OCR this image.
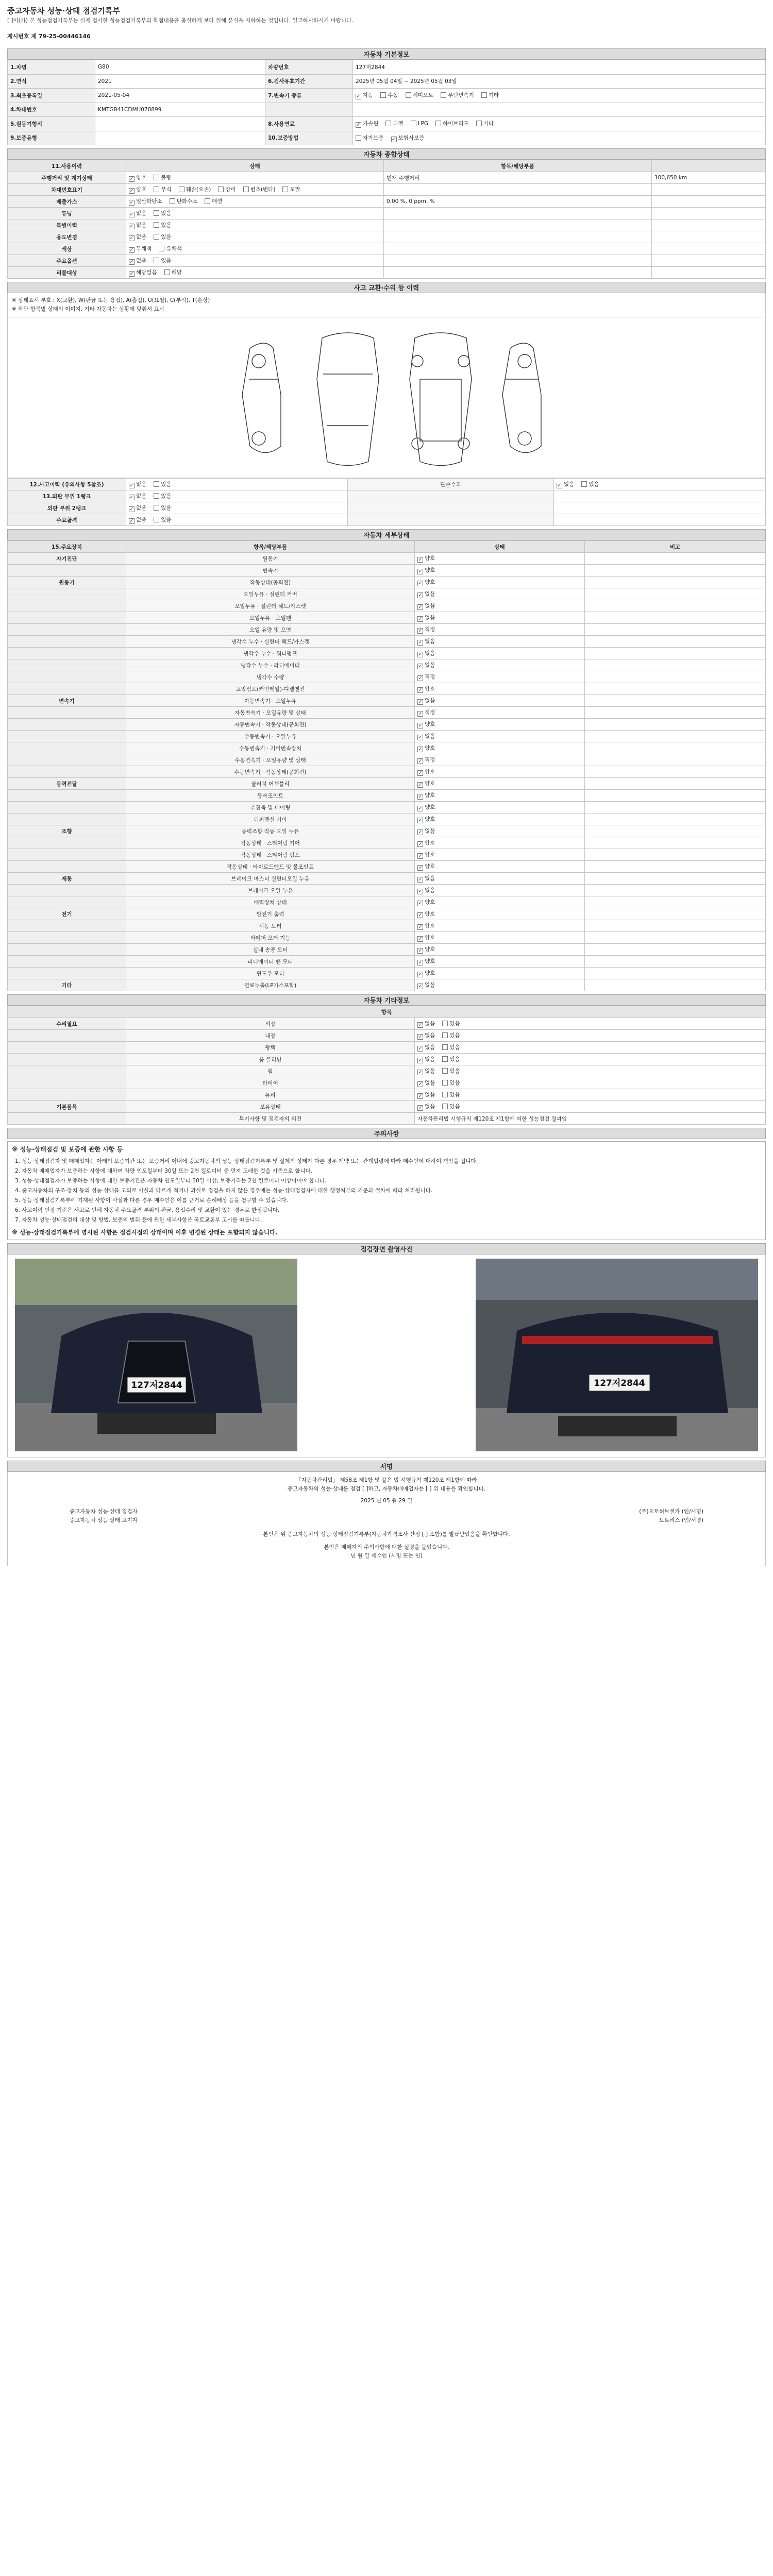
중고자동차 성능·상태 점검기록부
[ ]이(가) 본 성능점검기록부는 실제 검사한 성능점검기록부의 확점내용을 충실하게 보다 위해 분실을 지하하는 것입니다. 일고하시하시기 바랍니다.
제시번호 제 79-25-00446146
자동차 기본정보
1.차명	G80	차량번호	127저2844
2.연식	2021	6.검사유효기간	2025년 05월 04일 ~ 2025년 05월 03일
3.최초등록일	2021-05-04	7.변속기 종류	✓ 자동 수동 세미오토 무단변속기 기타
4.차대번호	KMTGB41CDMU078899		
5.원동기형식		8.사용연료	✓ 가솔린 디젤 LPG 하이브리드 기타
9.보증유형		10.보증방법	자가보증 ✓ 보험사보증
자동차 종합상태
11.사용이력	상태	항목/해당부품	
주행거리 및 계기상태	✓ 양호 불량	현재 주행거리	100,650 km
차대번호표기	✓ 양호 부식 훼손(오손) 상이 변조(변타) 도말		
배출가스	✓ 일산화탄소 탄화수소 매연	0.00 %, 0 ppm, %	
튜닝	✓ 없음 있음		
특별이력	✓ 없음 있음		
용도변경	✓ 없음 있음		
색상	✓ 무채색 유채색		
주요옵션	✓ 없음 있음		
리콜대상	✓ 해당없음 해당		
사고 교환·수리 등 이력
※ 상태표시 부호 : X(교환), W(판금 또는 용접), A(흠집), U(요철), C(부식), T(손상)
※ 하단 항목별 상태의 이미지, 기타 자동차는 상황에 맞춰서 표시
12.사고이력 (유의사항 5참조)	✓ 없음 있음	단순수리	✓ 없음 있음
13.외판 부위 1랭크	✓ 없음 있음		
외판 부위 2랭크	✓ 없음 있음		
주요골격	✓ 없음 있음		
자동차 세부상태
15.주요장치	항목/해당부품	상태	비고
자기진단	원동기	✓ 양호	
	변속기	✓ 양호	
원동기	작동상태(공회전)	✓ 양호	
	오일누유 · 실린더 커버	✓ 없음	
	오일누유 · 실린더 헤드/가스켓	✓ 없음	
	오일누유 · 오일팬	✓ 없음	
	오일 유량 및 오염	✓ 적정	
	냉각수 누수 · 실린더 헤드/가스켓	✓ 없음	
	냉각수 누수 · 워터펌프	✓ 없음	
	냉각수 누수 · 라디에이터	✓ 없음	
	냉각수 수량	✓ 적정	
	고압펌프(커먼레일)-디젤엔진	✓ 양호	
변속기	자동변속기 · 오일누유	✓ 없음	
	자동변속기 · 오일유량 및 상태	✓ 적정	
	자동변속기 · 작동상태(공회전)	✓ 양호	
	수동변속기 · 오일누유	✓ 없음	
	수동변속기 · 기어변속장치	✓ 양호	
	수동변속기 · 오일유량 및 상태	✓ 적정	
	수동변속기 · 작동상태(공회전)	✓ 양호	
동력전달	클러치 어셈블리	✓ 양호	
	등속조인트	✓ 양호	
	추진축 및 베어링	✓ 양호	
	디퍼렌셜 기어	✓ 양호	
조향	동력조향 작동 오일 누유	✓ 없음	
	작동상태 · 스티어링 기어	✓ 양호	
	작동상태 · 스티어링 펌프	✓ 양호	
	작동상태 · 타이로드엔드 및 볼조인트	✓ 양호	
제동	브레이크 마스터 실린더오일 누유	✓ 없음	
	브레이크 오일 누유	✓ 없음	
	배력장치 상태	✓ 양호	
전기	발전기 출력	✓ 양호	
	시동 모터	✓ 양호	
	와이퍼 모터 기능	✓ 양호	
	실내 송풍 모터	✓ 양호	
	라디에이터 팬 모터	✓ 양호	
	윈도우 모터	✓ 양호	
기타	연료누출(LP가스포함)	✓ 없음	
자동차 기타정보
항목		
수리필요	외장	✓ 없음 있음
	내장	✓ 없음 있음
	광택	✓ 없음 있음
	룸 클리닝	✓ 없음 있음
	휠	✓ 없음 있음
	타이어	✓ 없음 있음
	유리	✓ 없음 있음
기본품목	보유상태	✓ 없음 있음
	특기사항 및 점검자의 의견	자동차관리법 시행규칙 제120조 제1항에 의한 성능점검 결과임
주의사항
※ 성능·상태점검 및 보증에 관한 사항 등
1. 성능·상태점검자 및 매매업자는 아래의 보증기간 또는 보증거리 이내에 중고자동차의 성능·상태점검기록부 및 실제의 상태가 다른 경우 계약 또는 관계법령에 따라 매수인에 대하여 책임을 집니다.
2. 자동차 매매업자가 보증하는 사항에 대하여 차량 인도일부터 30일 또는 2천 킬로미터 중 먼저 도래한 것을 기준으로 합니다.
3. 성능·상태점검자가 보증하는 사항에 대한 보증기간은 자동차 인도일부터 30일 이상, 보증거리는 2천 킬로미터 이상이어야 합니다.
4. 중고자동차의 구조·장치 등의 성능·상태를 고의로 사실과 다르게 적거나 과실로 점검을 하지 않은 경우에는 성능·상태점검자에 대한 행정처분의 기준과 절차에 따라 처리됩니다.
5. 성능·상태점검기록부에 기재된 사항이 사실과 다른 경우 매수인은 이를 근거로 손해배상 등을 청구할 수 있습니다.
6. 사고이력 인정 기준은 사고로 인해 자동차 주요골격 부위의 판금, 용접수리 및 교환이 있는 경우로 한정됩니다.
7. 자동차 성능·상태점검의 대상 및 방법, 보증의 범위 등에 관한 세부사항은 국토교통부 고시를 따릅니다.
※ 성능·상태점검기록부에 명시된 사항은 점검시점의 상태이며 이후 변경된 상태는 포함되지 않습니다.
점검장면 촬영사진
127저2844	127저2844
서명
「자동차관리법」 제58조 제1항 및 같은 법 시행규칙 제120조 제1항에 따라
중고자동차의 성능·상태를 점검 [ ]하고, 자동차매매업자는 [ ] 위 내용을 확인합니다.
2025 년 05 월 29 일
중고자동차 성능·상태 점검자	(주)오토허브셀카 (인/서명)
중고자동차 성능·상태 고지자	모토리스 (인/서명)
본인은 위 중고자동차의 성능·상태점검기록부(자동차가격조사·산정 [ ] 포함)를 발급받았음을 확인합니다.
본인은 매매자의 주의사항에 대한 설명을 들었습니다.
년 월 일 매수인 (서명 또는 인)
